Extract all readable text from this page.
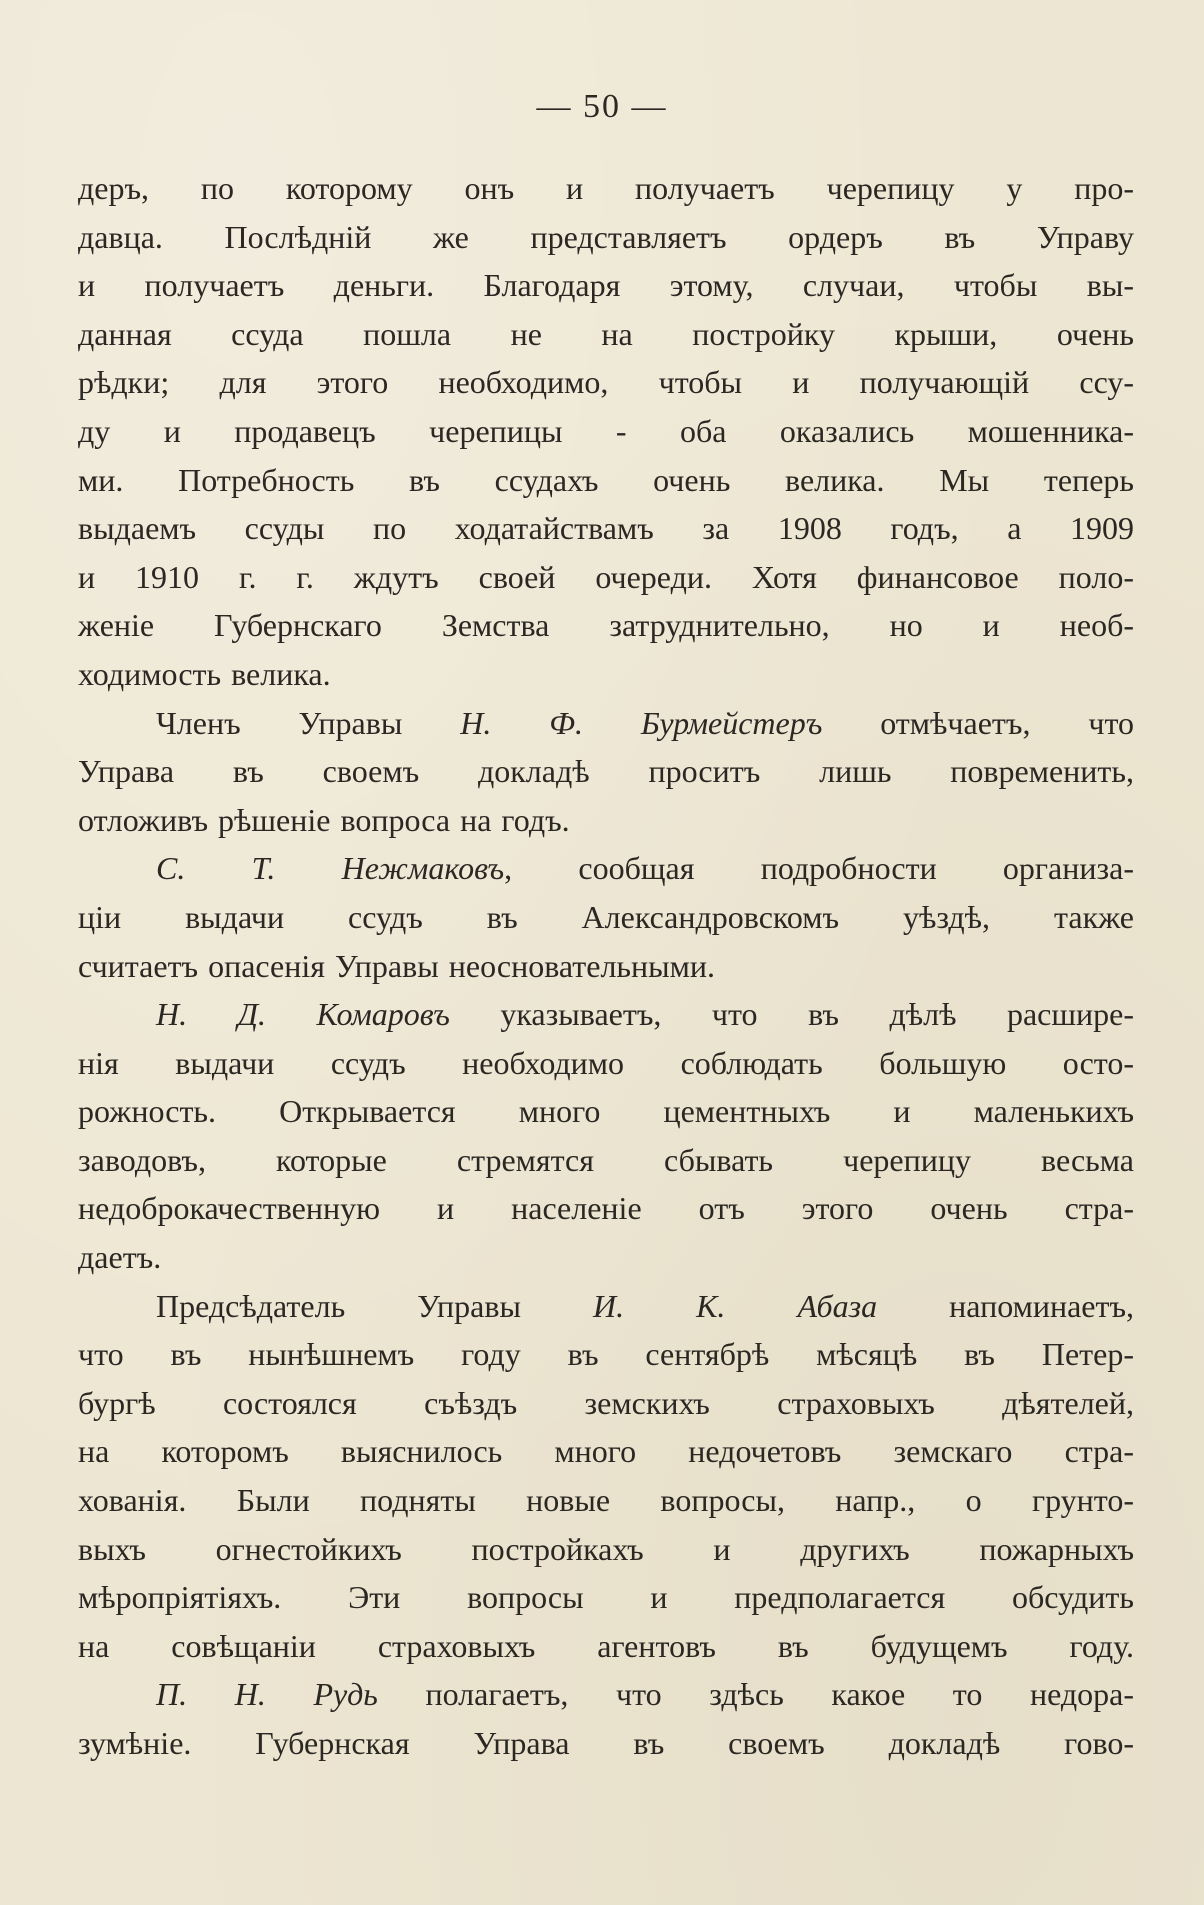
— 50 —
деръ, по которому онъ и получаетъ черепицу у про-
давца. Послѣдній же представляетъ ордеръ въ Управу
и получаетъ деньги. Благодаря этому, случаи, чтобы вы-
данная ссуда пошла не на постройку крыши, очень
рѣдки; для этого необходимо, чтобы и получающій ссу-
ду и продавецъ черепицы - оба оказались мошенника-
ми. Потребность въ ссудахъ очень велика. Мы теперь
выдаемъ ссуды по ходатайствамъ за 1908 годъ, а 1909
и 1910 г. г. ждутъ своей очереди. Хотя финансовое поло-
женіе Губернскаго Земства затруднительно, но и необ-
ходимость велика.
Членъ Управы Н. Ф. Бурмейстеръ отмѣчаетъ, что
Управа въ своемъ докладѣ проситъ лишь повременить,
отложивъ рѣшеніе вопроса на годъ.
С. Т. Нежмаковъ, сообщая подробности организа-
ціи выдачи ссудъ въ Александровскомъ уѣздѣ, также
считаетъ опасенія Управы неосновательными.
Н. Д. Комаровъ указываетъ, что въ дѣлѣ расшире-
нія выдачи ссудъ необходимо соблюдать большую осто-
рожность. Открывается много цементныхъ и маленькихъ
заводовъ, которые стремятся сбывать черепицу весьма
недоброкачественную и населеніе отъ этого очень стра-
даетъ.
Предсѣдатель Управы И. К. Абаза напоминаетъ,
что въ нынѣшнемъ году въ сентябрѣ мѣсяцѣ въ Петер-
бургѣ состоялся съѣздъ земскихъ страховыхъ дѣятелей,
на которомъ выяснилось много недочетовъ земскаго стра-
хованія. Были подняты новые вопросы, напр., о грунто-
выхъ огнестойкихъ постройкахъ и другихъ пожарныхъ
мѣропріятіяхъ. Эти вопросы и предполагается обсудить
на совѣщаніи страховыхъ агентовъ въ будущемъ году.
П. Н. Рудь полагаетъ, что здѣсь какое то недора-
зумѣніе. Губернская Управа въ своемъ докладѣ гово-
